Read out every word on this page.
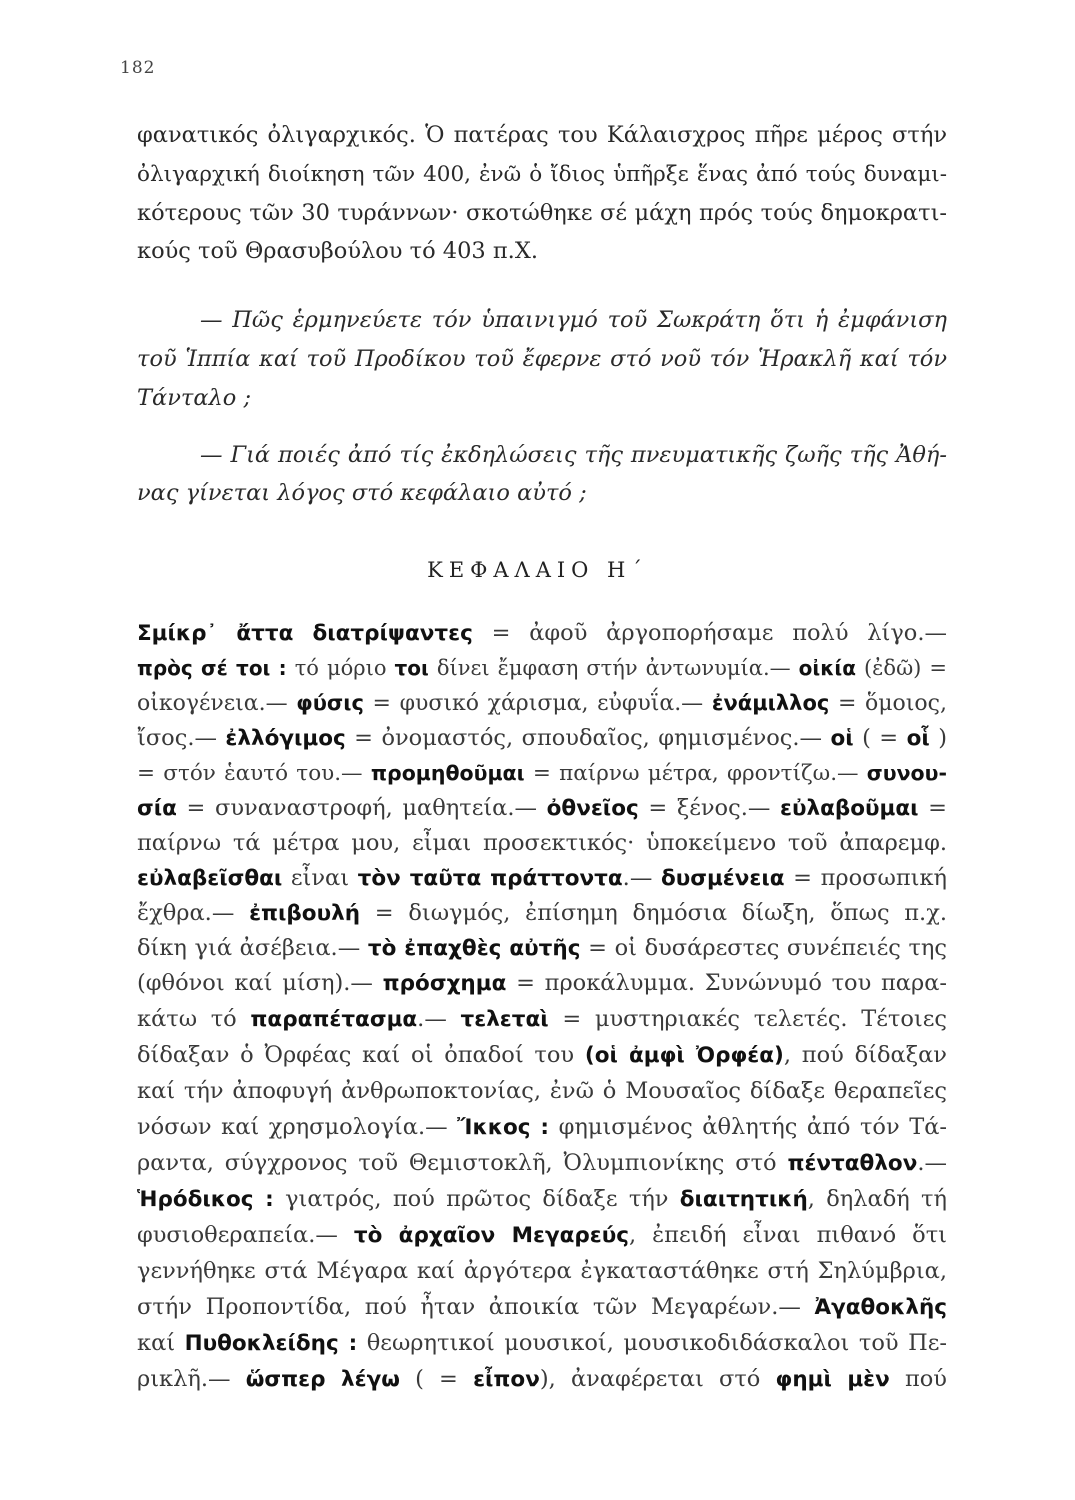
182
φανατικός ὀλιγαρχικός. Ὁ πατέρας του Κάλαισχρος πῆρε μέρος στήν
ὀλιγαρχική διοίκηση τῶν 400, ἐνῶ ὁ ἴδιος ὑπῆρξε ἕνας ἀπό τούς δυναμι-
κότερους τῶν 30 τυράννων· σκοτώθηκε σέ μάχη πρός τούς δημοκρατι-
κούς τοῦ Θρασυβούλου τό 403 π.Χ.
— Πῶς ἑρμηνεύετε τόν ὑπαινιγμό τοῦ Σωκράτη ὅτι ἡ ἐμφάνιση
τοῦ Ἱππία καί τοῦ Προδίκου τοῦ ἔφερνε στό νοῦ τόν Ἡρακλῆ καί τόν
Τάνταλο ;
— Γιά ποιές ἀπό τίς ἐκδηλώσεις τῆς πνευματικῆς ζωῆς τῆς Ἀθή-
νας γίνεται λόγος στό κεφάλαιο αὐτό ;
ΚΕΦΑΛΑΙΟ Η΄
Σμίκρ᾽ ἄττα διατρίψαντες = ἀφοῦ ἀργοπορήσαμε πολύ λίγο.—
πρὸς σέ τοι : τό μόριο τοι δίνει ἔμφαση στήν ἀντωνυμία.— οἰκία (ἐδῶ) =
οἰκογένεια.— φύσις = φυσικό χάρισμα, εὐφυΐα.— ἐνάμιλλος = ὅμοιος,
ἴσος.— ἐλλόγιμος = ὀνομαστός, σπουδαῖος, φημισμένος.— οἱ ( = οἷ )
= στόν ἑαυτό του.— προμηθοῦμαι = παίρνω μέτρα, φροντίζω.— συνου-
σία = συναναστροφή, μαθητεία.— ὀθνεῖος = ξένος.— εὐλαβοῦμαι =
παίρνω τά μέτρα μου, εἶμαι προσεκτικός· ὑποκείμενο τοῦ ἀπαρεμφ.
εὐλαβεῖσθαι εἶναι τὸν ταῦτα πράττοντα.— δυσμένεια = προσωπική
ἔχθρα.— ἐπιβουλή = διωγμός, ἐπίσημη δημόσια δίωξη, ὅπως π.χ.
δίκη γιά ἀσέβεια.— τὸ ἐπαχθὲς αὐτῆς = οἱ δυσάρεστες συνέπειές της
(φθόνοι καί μίση).— πρόσχημα = προκάλυμμα. Συνώνυμό του παρα-
κάτω τό παραπέτασμα.— τελεταὶ = μυστηριακές τελετές. Τέτοιες
δίδαξαν ὁ Ὀρφέας καί οἱ ὀπαδοί του (οἱ ἀμφὶ Ὀρφέα), πού δίδαξαν
καί τήν ἀποφυγή ἀνθρωποκτονίας, ἐνῶ ὁ Μουσαῖος δίδαξε θεραπεῖες
νόσων καί χρησμολογία.— Ἴκκος : φημισμένος ἀθλητής ἀπό τόν Τά-
ραντα, σύγχρονος τοῦ Θεμιστοκλῆ, Ὀλυμπιονίκης στό πένταθλον.—
Ἡρόδικος : γιατρός, πού πρῶτος δίδαξε τήν διαιτητική, δηλαδή τή
φυσιοθεραπεία.— τὸ ἀρχαῖον Μεγαρεύς, ἐπειδή εἶναι πιθανό ὅτι
γεννήθηκε στά Μέγαρα καί ἀργότερα ἐγκαταστάθηκε στή Σηλύμβρια,
στήν Προποντίδα, πού ἦταν ἀποικία τῶν Μεγαρέων.— Ἀγαθοκλῆς
καί Πυθοκλείδης : θεωρητικοί μουσικοί, μουσικοδιδάσκαλοι τοῦ Πε-
ρικλῆ.— ὥσπερ λέγω ( = εἶπον), ἀναφέρεται στό φημὶ μὲν πού
